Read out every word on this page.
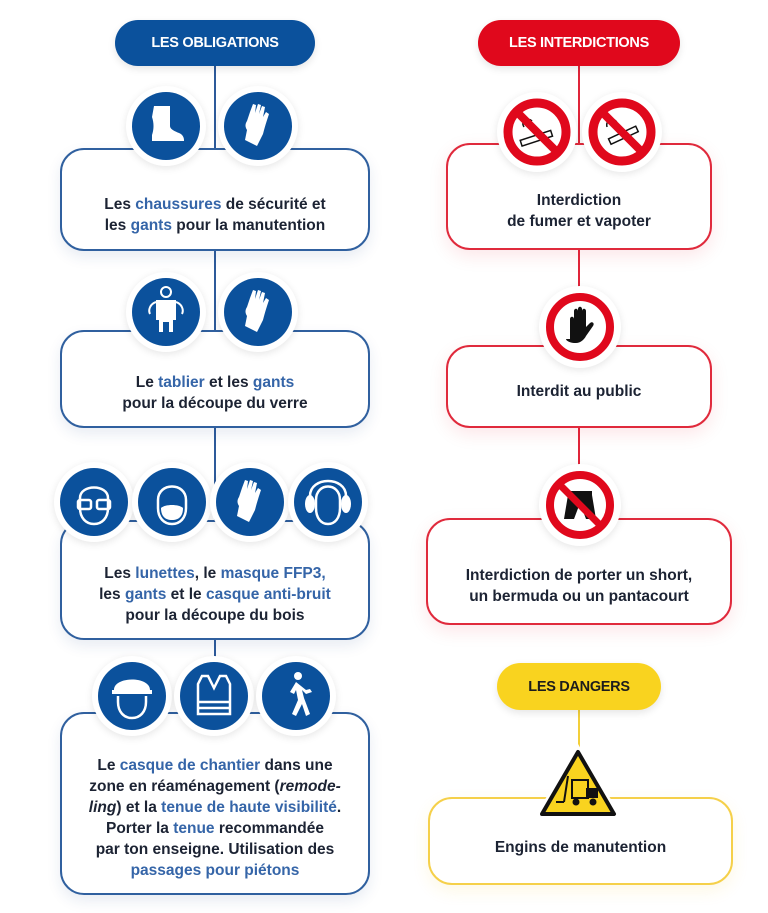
LES OBLIGATIONS
Les chaussures de sécurité et
les gants pour la manutention
Le tablier et les gants
pour la découpe du verre
Les lunettes, le masque FFP3,
les gants et le casque anti-bruit
pour la découpe du bois
Le casque de chantier dans une
zone en réaménagement (remode-
ling) et la tenue de haute visibilité.
Porter la tenue recommandée
par ton enseigne. Utilisation des
passages pour piétons
LES INTERDICTIONS
Interdiction
de fumer et vapoter
Interdit au public
Interdiction de porter un short,
un bermuda ou un pantacourt
LES DANGERS
Engins de manutention
